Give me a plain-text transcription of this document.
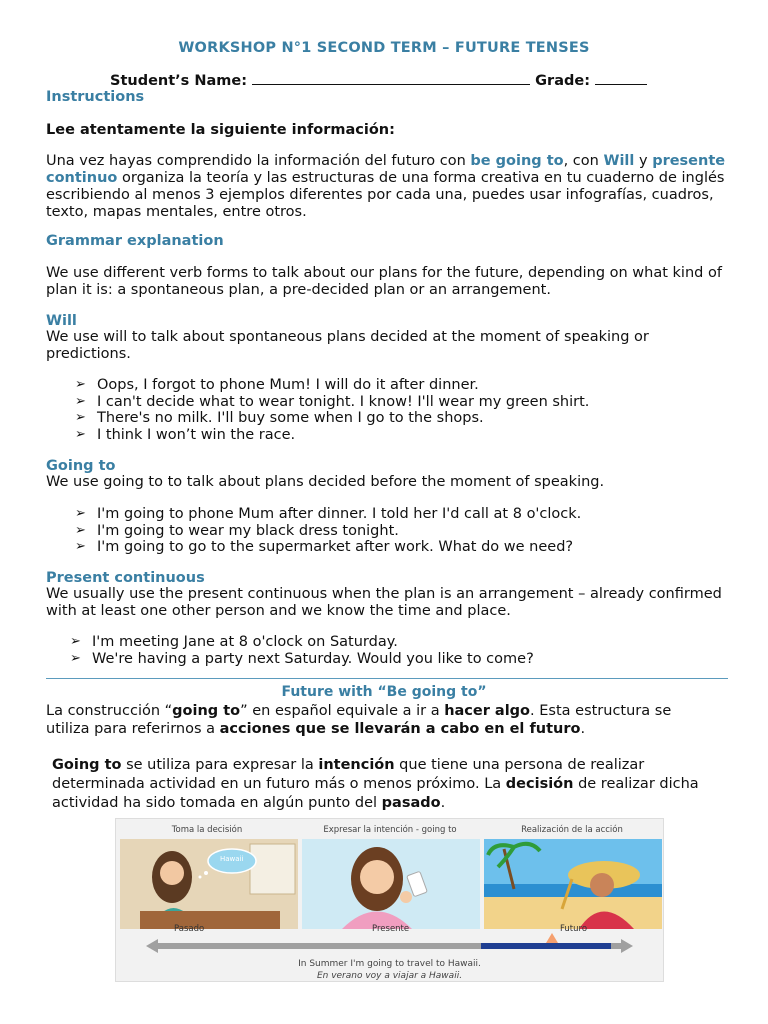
WORKSHOP N°1 SECOND TERM – FUTURE TENSES
Student’s Name:	Grade:
Instructions
Lee atentamente la siguiente información:
Una vez hayas comprendido la información del futuro con be going to, con Will y presente continuo organiza la teoría y las estructuras de una forma creativa en tu cuaderno de inglés escribiendo al menos 3 ejemplos diferentes por cada una, puedes usar infografías, cuadros, texto, mapas mentales, entre otros.
Grammar explanation
We use different verb forms to talk about our plans for the future, depending on what kind of plan it is: a spontaneous plan, a pre-decided plan or an arrangement.
Will
We use will to talk about spontaneous plans decided at the moment of speaking or predictions.
➢ Oops, I forgot to phone Mum! I will do it after dinner.
➢ I can't decide what to wear tonight. I know! I'll wear my green shirt.
➢ There's no milk. I'll buy some when I go to the shops.
➢ I think I won’t win the race.
Going to
We use going to to talk about plans decided before the moment of speaking.
➢ I'm going to phone Mum after dinner. I told her I'd call at 8 o'clock.
➢ I'm going to wear my black dress tonight.
➢ I'm going to go to the supermarket after work. What do we need?
Present continuous
We usually use the present continuous when the plan is an arrangement – already confirmed with at least one other person and we know the time and place.
➢ I'm meeting Jane at 8 o'clock on Saturday.
➢ We're having a party next Saturday. Would you like to come?
Future with “Be going to”
La construcción “going to” en español equivale a ir a hacer algo. Esta estructura se utiliza para referirnos a acciones que se llevarán a cabo en el futuro.
Going to se utiliza para expresar la intención que tiene una persona de realizar determinada actividad en un futuro más o menos próximo. La decisión de realizar dicha actividad ha sido tomada en algún punto del pasado.
Toma la decisión	Expresar la intención - going to	Realización de la acción
Hawaii
Pasado	Presente	Futuro
In Summer I'm going to travel to Hawaii.
En verano voy a viajar a Hawaii.
